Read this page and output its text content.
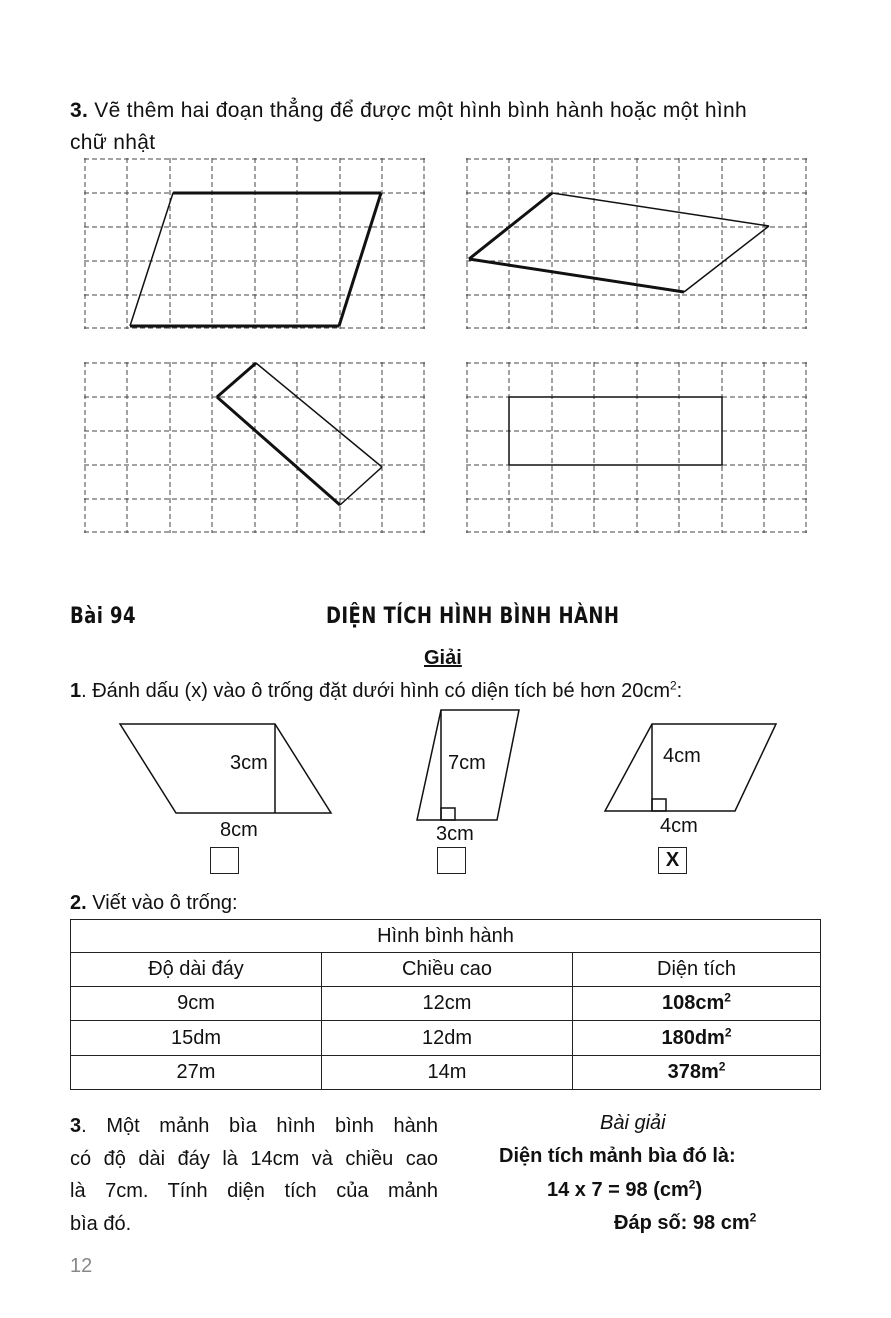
3. Vẽ thêm hai đoạn thẳng để được một hình bình hành hoặc một hình
chữ nhật
Bài 94	DIỆN TÍCH HÌNH BÌNH HÀNH
Giải
1. Đánh dấu (x) vào ô trống đặt dưới hình có diện tích bé hơn $20cm^2$:
3cm
8cm
7cm
3cm
4cm
4cm
X
2. Viết vào ô trống:
Hình bình hành		
Độ dài đáy	Chiều cao	Diện tích
9cm	12cm	$108cm^2$
15dm	12dm	$180dm^2$
27m	14m	$378m^2$
3. Một mảnh bìa hình bình hành
có độ dài đáy là 14cm và chiều cao
là 7cm. Tính diện tích của mảnh
bìa đó.
Bài giải
Diện tích mảnh bìa đó là:
14 x 7 = 98 $(cm^2)$
Đáp số: 98 $cm^2$
12
